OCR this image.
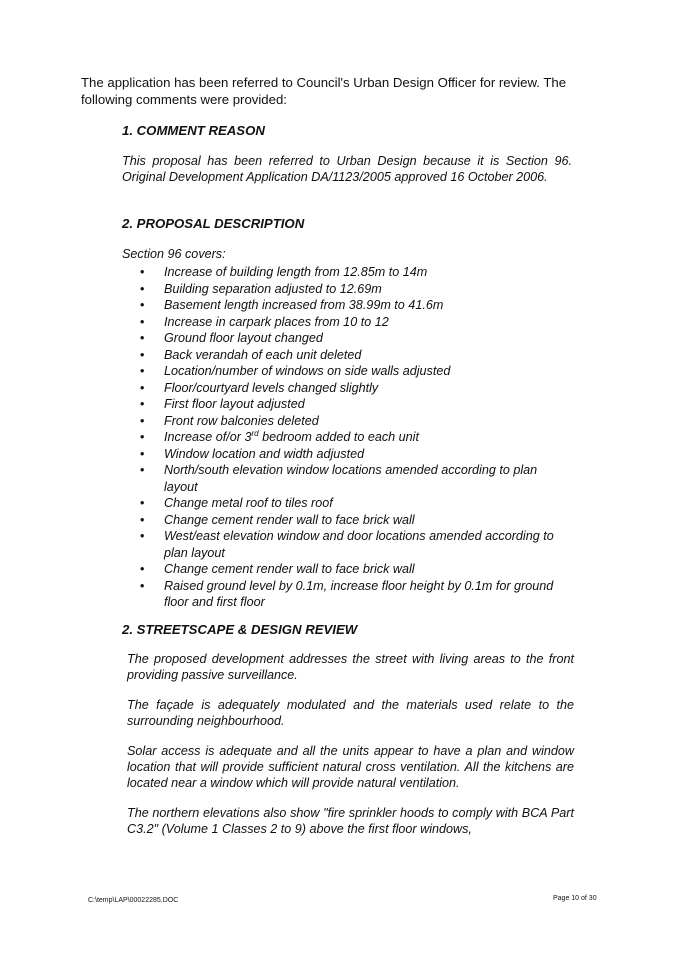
The application has been referred to Council's Urban Design Officer for review. The following comments were provided:

1. COMMENT REASON

This proposal has been referred to Urban Design because it is Section 96. Original Development Application DA/1123/2005 approved 16 October 2006.

2. PROPOSAL DESCRIPTION

Section 96 covers:

• Increase of building length from 12.85m to 14m
• Building separation adjusted to 12.69m
• Basement length increased from 38.99m to 41.6m
• Increase in carpark places from 10 to 12
• Ground floor layout changed
• Back verandah of each unit deleted
• Location/number of windows on side walls adjusted
• Floor/courtyard levels changed slightly
• First floor layout adjusted
• Front row balconies deleted
• Increase of/or 3rd bedroom added to each unit
• Window location and width adjusted
• North/south elevation window locations amended according to plan layout
• Change metal roof to tiles roof
• Change cement render wall to face brick wall
• West/east elevation window and door locations amended according to plan layout
• Change cement render wall to face brick wall
• Raised ground level by 0.1m, increase floor height by 0.1m for ground floor and first floor

2. STREETSCAPE & DESIGN REVIEW

The proposed development addresses the street with living areas to the front providing passive surveillance.

The façade is adequately modulated and the materials used relate to the surrounding neighbourhood.

Solar access is adequate and all the units appear to have a plan and window location that will provide sufficient natural cross ventilation. All the kitchens are located near a window which will provide natural ventilation.

The northern elevations also show "fire sprinkler hoods to comply with BCA Part C3.2" (Volume 1 Classes 2 to 9) above the first floor windows,

C:\temp\LAP\00022285.DOC	Page 10 of 30
